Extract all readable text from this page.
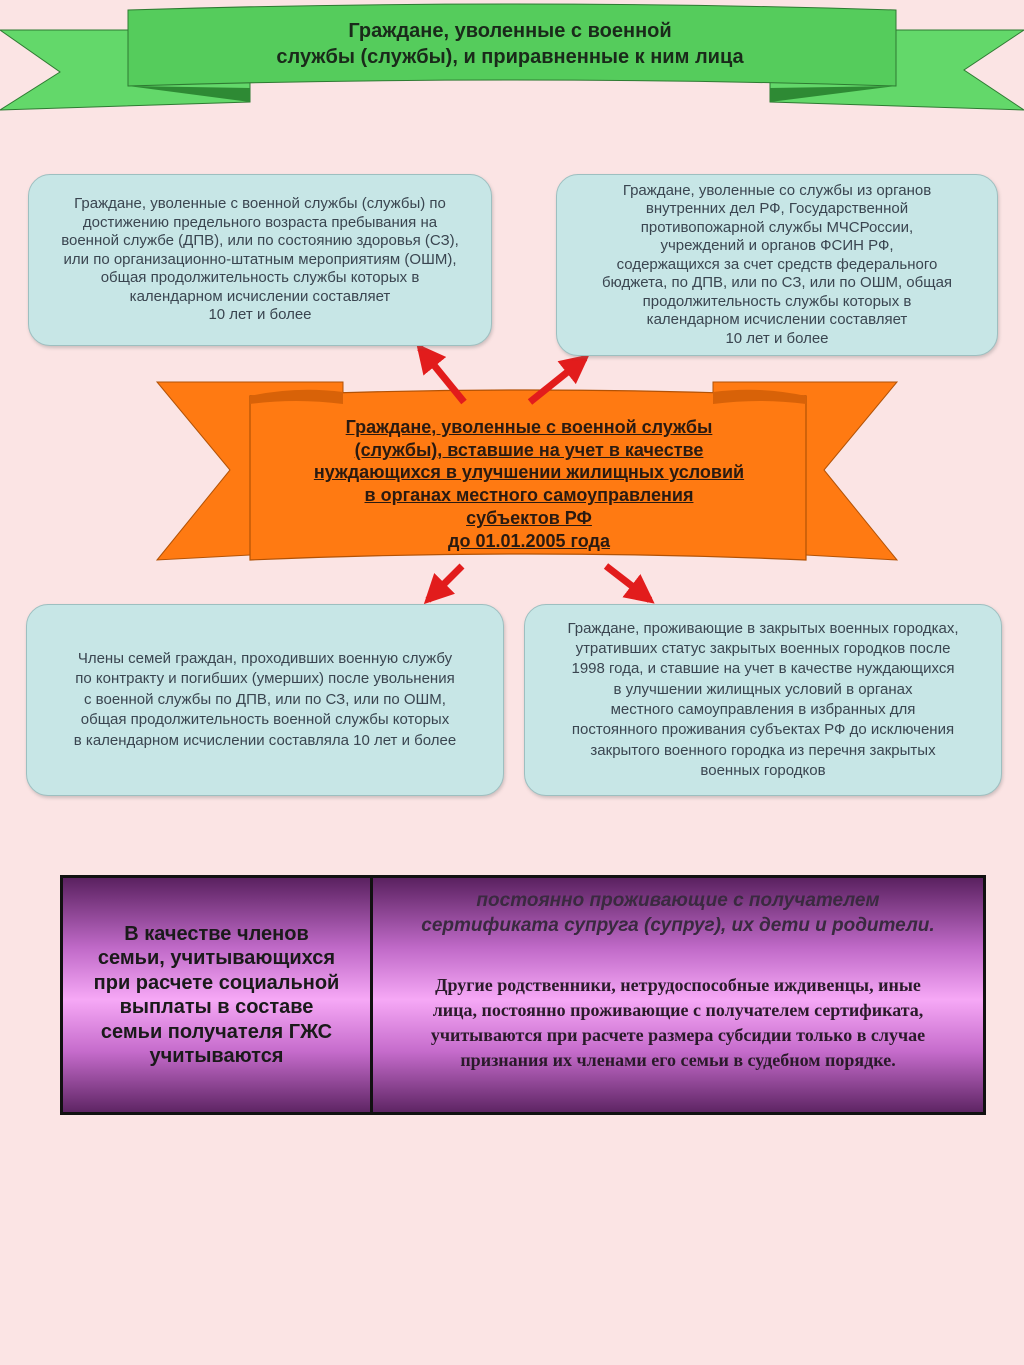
Граждане, уволенные с военной
службы (службы), и приравненные к ним лица
Граждане, уволенные с военной службы (службы) по
достижению предельного возраста пребывания на
военной службе (ДПВ), или по состоянию здоровья (СЗ),
или по организационно-штатным мероприятиям (ОШМ),
общая продолжительность службы которых в
календарном исчислении составляет
10 лет и более
Граждане, уволенные со службы из органов
внутренних дел РФ, Государственной
противопожарной службы МЧСРоссии,
учреждений и органов ФСИН РФ,
содержащихся за счет средств федерального
бюджета, по ДПВ, или по СЗ, или по ОШМ, общая
продолжительность службы которых в
календарном исчислении составляет
10 лет и более
Граждане, уволенные с военной службы
(службы), вставшие на учет в качестве
нуждающихся в улучшении жилищных условий
в органах местного самоуправления
субъектов РФ
до 01.01.2005 года
Члены семей граждан, проходивших военную службу
по контракту и погибших (умерших) после увольнения
с военной службы по ДПВ, или по СЗ, или по ОШМ,
общая продолжительность военной службы которых
в календарном исчислении составляла 10 лет и более
Граждане, проживающие в закрытых военных городках,
утративших статус закрытых военных городков после
1998 года, и ставшие на учет в качестве нуждающихся
в улучшении жилищных условий в органах
местного самоуправления в избранных для
постоянного проживания субъектах РФ до исключения
закрытого военного городка из перечня закрытых
военных городков
В качестве членов
семьи, учитывающихся
при расчете социальной
выплаты в составе
семьи получателя ГЖС
учитываются
постоянно проживающие с получателем
сертификата супруга (супруг), их дети и родители.
Другие родственники, нетрудоспособные иждивенцы, иные
лица, постоянно проживающие с получателем сертификата,
учитываются при расчете размера субсидии только в случае
признания их членами его семьи в судебном порядке.
